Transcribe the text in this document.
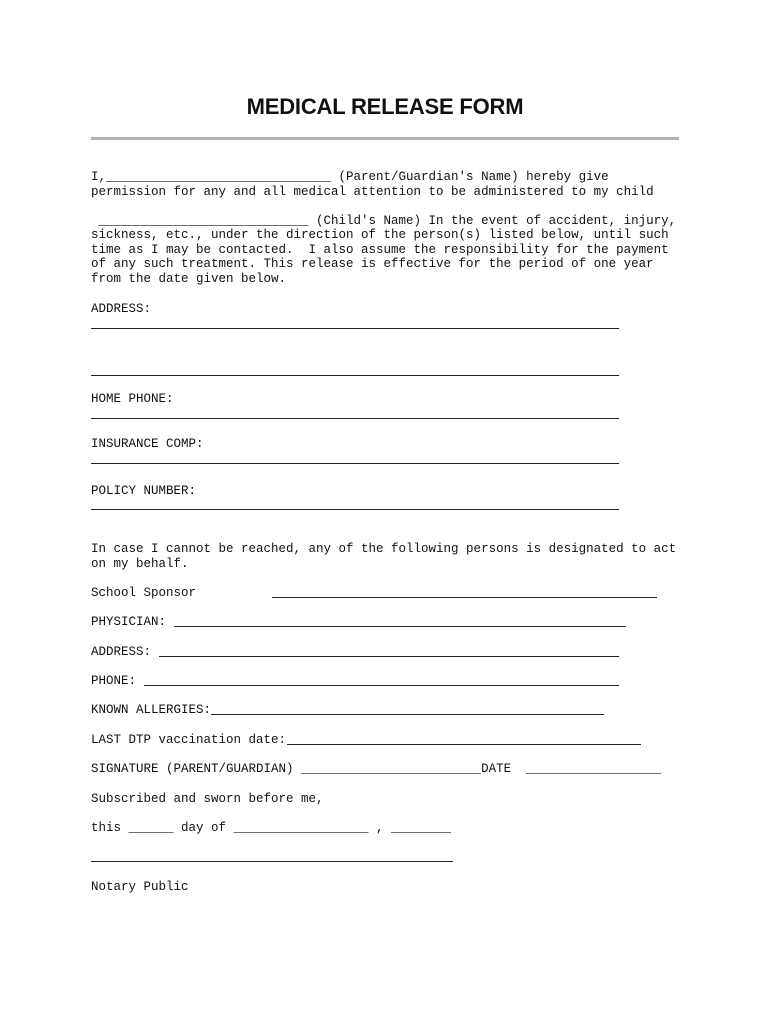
MEDICAL RELEASE FORM
I,______________________________ (Parent/Guardian's Name) hereby give
permission for any and all medical attention to be administered to my child
____________________________ (Child's Name) In the event of accident, injury,
sickness, etc., under the direction of the person(s) listed below, until such
time as I may be contacted.  I also assume the responsibility for the payment
of any such treatment. This release is effective for the period of one year
from the date given below.
ADDRESS:
HOME PHONE:
INSURANCE COMP:
POLICY NUMBER:
In case I cannot be reached, any of the following persons is designated to act
on my behalf.
School Sponsor
PHYSICIAN:
ADDRESS:
PHONE:
KNOWN ALLERGIES:
LAST DTP vaccination date:
SIGNATURE (PARENT/GUARDIAN) ________________________DATE  __________________
Subscribed and sworn before me,
this ______ day of __________________ , ________
Notary Public
